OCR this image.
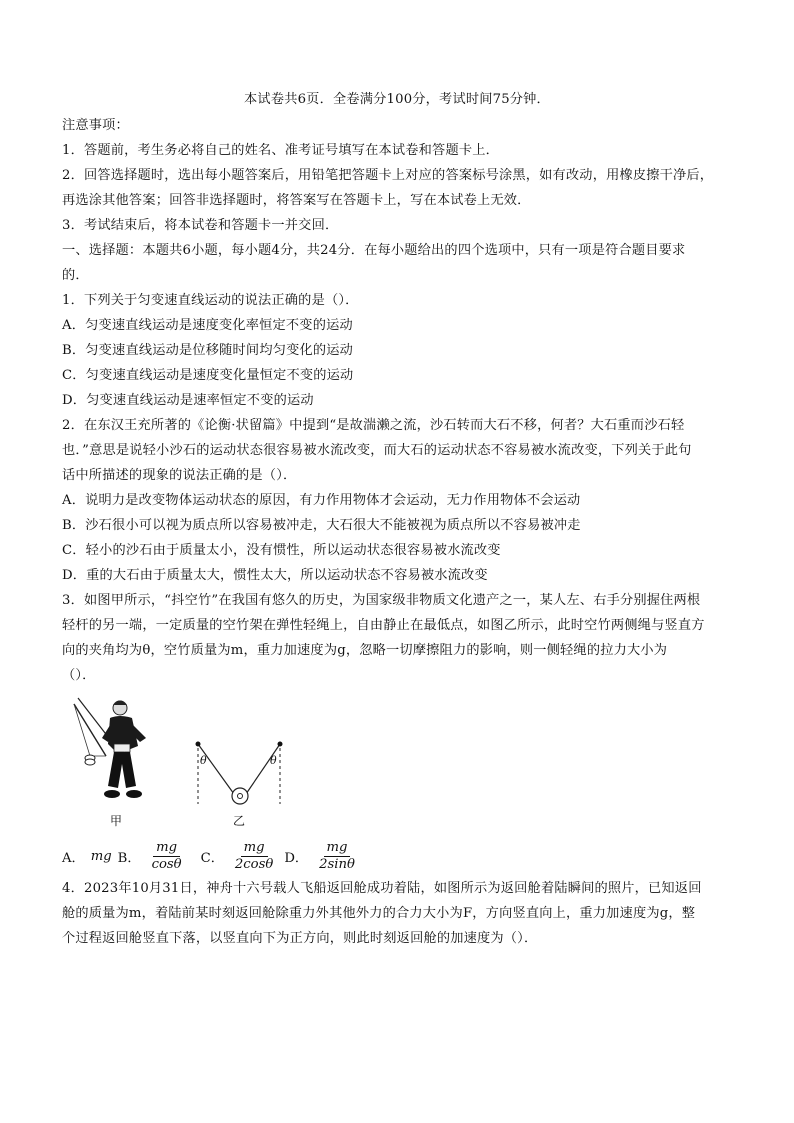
本试卷共6页．全卷满分100分，考试时间75分钟．
注意事项：
1．答题前，考生务必将自己的姓名、准考证号填写在本试卷和答题卡上．
2．回答选择题时，选出每小题答案后，用铅笔把答题卡上对应的答案标号涂黑，如有改动，用橡皮擦干净后，
再选涂其他答案；回答非选择题时，将答案写在答题卡上，写在本试卷上无效．
3．考试结束后，将本试卷和答题卡一并交回．
一、选择题：本题共6小题，每小题4分，共24分．在每小题给出的四个选项中，只有一项是符合题目要求
的．
1．下列关于匀变速直线运动的说法正确的是（）．
A．匀变速直线运动是速度变化率恒定不变的运动
B．匀变速直线运动是位移随时间均匀变化的运动
C．匀变速直线运动是速度变化量恒定不变的运动
D．匀变速直线运动是速率恒定不变的运动
2．在东汉王充所著的《论衡·状留篇》中提到“是故湍濑之流，沙石转而大石不移，何者？大石重而沙石轻
也．”意思是说轻小沙石的运动状态很容易被水流改变，而大石的运动状态不容易被水流改变，下列关于此句
话中所描述的现象的说法正确的是（）．
A．说明力是改变物体运动状态的原因，有力作用物体才会运动，无力作用物体不会运动
B．沙石很小可以视为质点所以容易被冲走，大石很大不能被视为质点所以不容易被冲走
C．轻小的沙石由于质量太小，没有惯性，所以运动状态很容易被水流改变
D．重的大石由于质量太大，惯性太大，所以运动状态不容易被水流改变
3．如图甲所示，“抖空竹”在我国有悠久的历史，为国家级非物质文化遗产之一，某人左、右手分别握住两根
轻杆的另一端，一定质量的空竹架在弹性轻绳上，自由静止在最低点，如图乙所示，此时空竹两侧绳与竖直方
向的夹角均为θ，空竹质量为m，重力加速度为g，忽略一切摩擦阻力的影响，则一侧轻绳的拉力大小为
（）．
甲
θ	θ
乙
A． mg B． $\frac{mg}{\cos\theta}$ C． $\frac{mg}{2\cos\theta}$ D． $\frac{mg}{2\sin\theta}$
4．2023年10月31日，神舟十六号载人飞船返回舱成功着陆，如图所示为返回舱着陆瞬间的照片，已知返回
舱的质量为m，着陆前某时刻返回舱除重力外其他外力的合力大小为F，方向竖直向上，重力加速度为g，整
个过程返回舱竖直下落，以竖直向下为正方向，则此时刻返回舱的加速度为（）．
